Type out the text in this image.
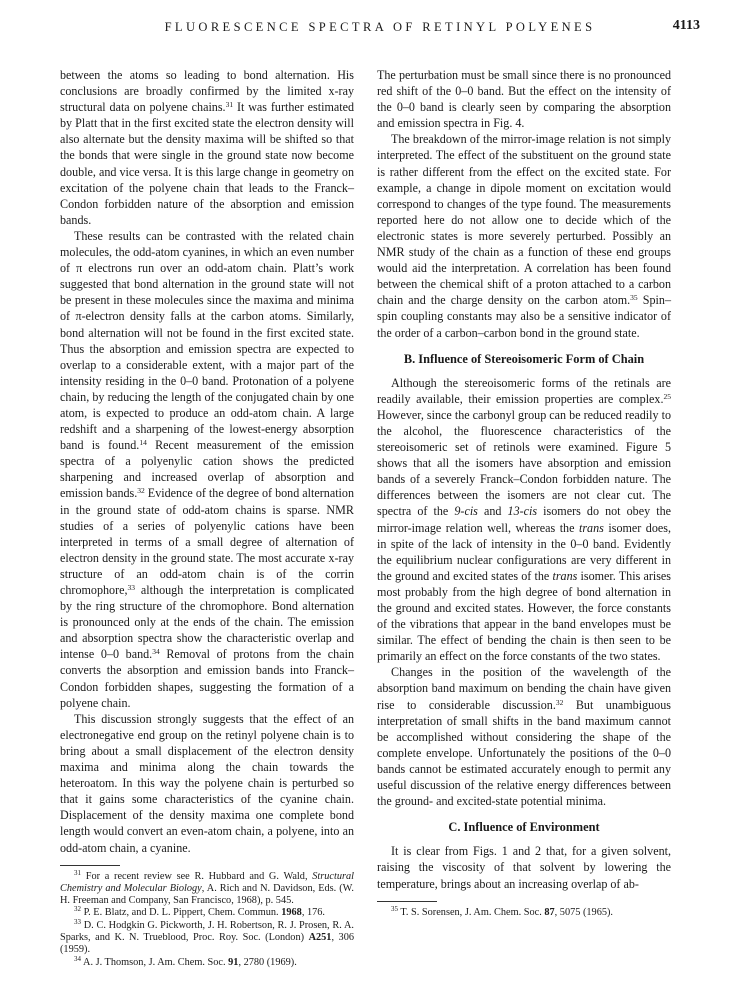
FLUORESCENCE SPECTRA OF RETINYL POLYENES	4113

between the atoms so leading to bond alternation. His conclusions are broadly confirmed by the limited x-ray structural data on polyene chains.$^{31}$ It was further estimated by Platt that in the first excited state the electron density will also alternate but the density maxima will be shifted so that the bonds that were single in the ground state now become double, and vice versa. It is this large change in geometry on excitation of the polyene chain that leads to the Franck–Condon forbidden nature of the absorption and emission bands.

These results can be contrasted with the related chain molecules, the odd-atom cyanines, in which an even number of π electrons run over an odd-atom chain. Platt’s work suggested that bond alternation in the ground state will not be present in these molecules since the maxima and minima of π-electron density falls at the carbon atoms. Similarly, bond alternation will not be found in the first excited state. Thus the absorption and emission spectra are expected to overlap to a considerable extent, with a major part of the intensity residing in the 0–0 band. Protonation of a polyene chain, by reducing the length of the conjugated chain by one atom, is expected to produce an odd-atom chain. A large redshift and a sharpening of the lowest-energy absorption band is found.$^{14}$ Recent measurement of the emission spectra of a polyenylic cation shows the predicted sharpening and increased overlap of absorption and emission bands.$^{32}$ Evidence of the degree of bond alternation in the ground state of odd-atom chains is sparse. NMR studies of a series of polyenylic cations have been interpreted in terms of a small degree of alternation of electron density in the ground state. The most accurate x-ray structure of an odd-atom chain is of the corrin chromophore,$^{33}$ although the interpretation is complicated by the ring structure of the chromophore. Bond alternation is pronounced only at the ends of the chain. The emission and absorption spectra show the characteristic overlap and intense 0–0 band.$^{34}$ Removal of protons from the chain converts the absorption and emission bands into Franck–Condon forbidden shapes, suggesting the formation of a polyene chain.

This discussion strongly suggests that the effect of an electronegative end group on the retinyl polyene chain is to bring about a small displacement of the electron density maxima and minima along the chain towards the heteroatom. In this way the polyene chain is perturbed so that it gains some characteristics of the cyanine chain. Displacement of the density maxima one complete bond length would convert an even-atom chain, a polyene, into an odd-atom chain, a cyanine.

$^{31}$ For a recent review see R. Hubbard and G. Wald, Structural Chemistry and Molecular Biology, A. Rich and N. Davidson, Eds. (W. H. Freeman and Company, San Francisco, 1968), p. 545.

$^{32}$ P. E. Blatz, and D. L. Pippert, Chem. Commun. 1968, 176.

$^{33}$ D. C. Hodgkin G. Pickworth, J. H. Robertson, R. J. Prosen, R. A. Sparks, and K. N. Trueblood, Proc. Roy. Soc. (London) A251, 306 (1959).

$^{34}$ A. J. Thomson, J. Am. Chem. Soc. 91, 2780 (1969).

The perturbation must be small since there is no pronounced red shift of the 0–0 band. But the effect on the intensity of the 0–0 band is clearly seen by comparing the absorption and emission spectra in Fig. 4.

The breakdown of the mirror-image relation is not simply interpreted. The effect of the substituent on the ground state is rather different from the effect on the excited state. For example, a change in dipole moment on excitation would correspond to changes of the type found. The measurements reported here do not allow one to decide which of the electronic states is more severely perturbed. Possibly an NMR study of the chain as a function of these end groups would aid the interpretation. A correlation has been found between the chemical shift of a proton attached to a carbon chain and the charge density on the carbon atom.$^{35}$ Spin–spin coupling constants may also be a sensitive indicator of the order of a carbon–carbon bond in the ground state.

B. Influence of Stereoisomeric Form of Chain

Although the stereoisomeric forms of the retinals are readily available, their emission properties are complex.$^{25}$ However, since the carbonyl group can be reduced readily to the alcohol, the fluorescence characteristics of the stereoisomeric set of retinols were examined. Figure 5 shows that all the isomers have absorption and emission bands of a severely Franck–Condon forbidden nature. The differences between the isomers are not clear cut. The spectra of the 9-cis and 13-cis isomers do not obey the mirror-image relation well, whereas the trans isomer does, in spite of the lack of intensity in the 0–0 band. Evidently the equilibrium nuclear configurations are very different in the ground and excited states of the trans isomer. This arises most probably from the high degree of bond alternation in the ground and excited states. However, the force constants of the vibrations that appear in the band envelopes must be similar. The effect of bending the chain is then seen to be primarily an effect on the force constants of the two states.

Changes in the position of the wavelength of the absorption band maximum on bending the chain have given rise to considerable discussion.$^{32}$ But unambiguous interpretation of small shifts in the band maximum cannot be accomplished without considering the shape of the complete envelope. Unfortunately the positions of the 0–0 bands cannot be estimated accurately enough to permit any useful discussion of the relative energy differences between the ground- and excited-state potential minima.

C. Influence of Environment

It is clear from Figs. 1 and 2 that, for a given solvent, raising the viscosity of that solvent by lowering the temperature, brings about an increasing overlap of ab-

$^{35}$ T. S. Sorensen, J. Am. Chem. Soc. 87, 5075 (1965).
